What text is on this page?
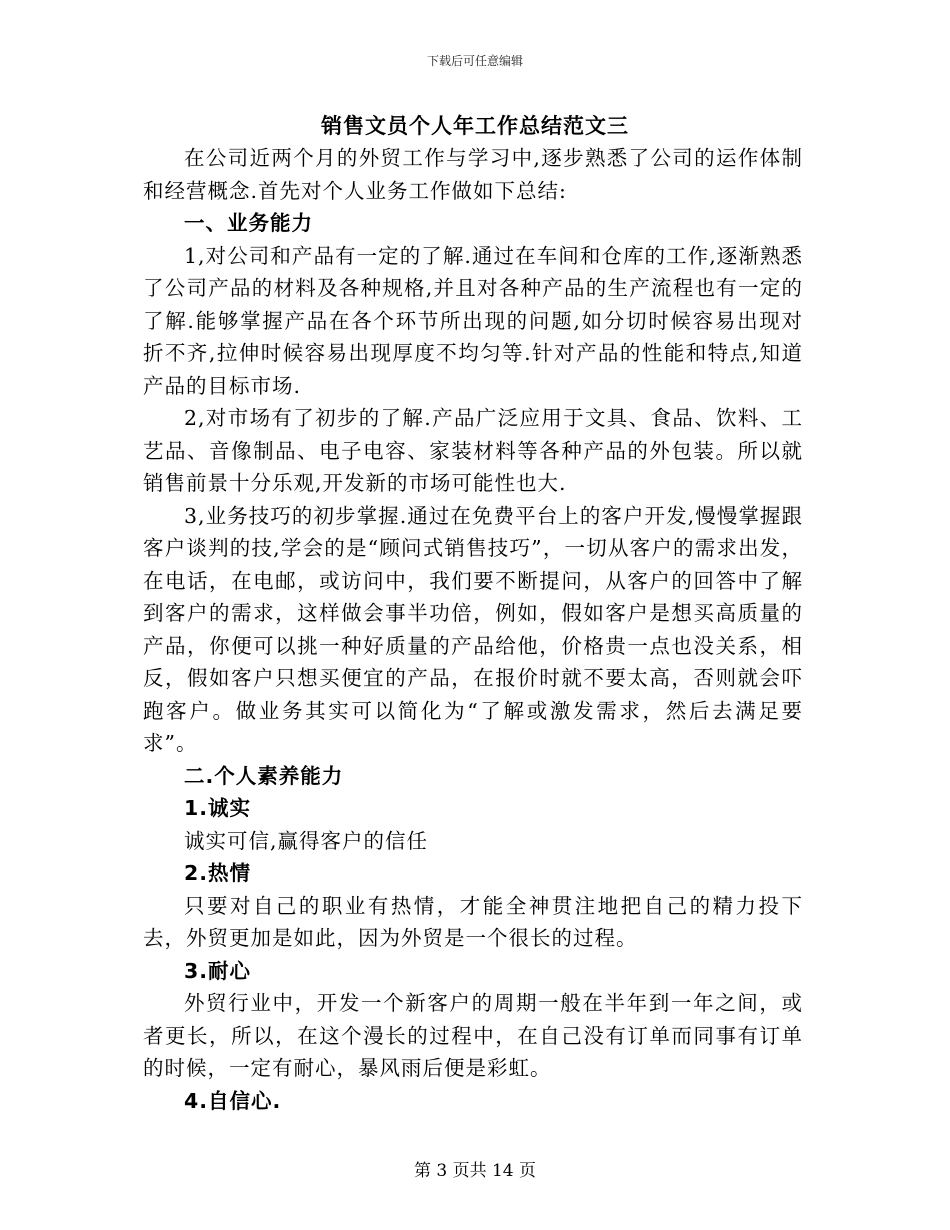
下载后可任意编辑
销售文员个人年工作总结范文三

在公司近两个月的外贸工作与学习中,逐步熟悉了公司的运作体制和经营概念.首先对个人业务工作做如下总结:

一、业务能力

1,对公司和产品有一定的了解.通过在车间和仓库的工作,逐渐熟悉了公司产品的材料及各种规格,并且对各种产品的生产流程也有一定的了解.能够掌握产品在各个环节所出现的问题,如分切时候容易出现对折不齐,拉伸时候容易出现厚度不均匀等.针对产品的性能和特点,知道产品的目标市场.

2,对市场有了初步的了解.产品广泛应用于文具、食品、饮料、工艺品、音像制品、电子电容、家装材料等各种产品的外包装。所以就销售前景十分乐观,开发新的市场可能性也大.

3,业务技巧的初步掌握.通过在免费平台上的客户开发,慢慢掌握跟客户谈判的技,学会的是“顾问式销售技巧”，一切从客户的需求出发，在电话，在电邮，或访问中，我们要不断提问，从客户的回答中了解到客户的需求，这样做会事半功倍，例如，假如客户是想买高质量的产品，你便可以挑一种好质量的产品给他，价格贵一点也没关系，相反，假如客户只想买便宜的产品，在报价时就不要太高，否则就会吓跑客户。做业务其实可以简化为“了解或激发需求，然后去满足要求”。

二.个人素养能力

1.诚实

诚实可信,赢得客户的信任

2.热情

只要对自己的职业有热情，才能全神贯注地把自己的精力投下去，外贸更加是如此，因为外贸是一个很长的过程。

3.耐心

外贸行业中，开发一个新客户的周期一般在半年到一年之间，或者更长，所以，在这个漫长的过程中，在自己没有订单而同事有订单的时候，一定有耐心，暴风雨后便是彩虹。

4.自信心.

第 3 页共 14 页
